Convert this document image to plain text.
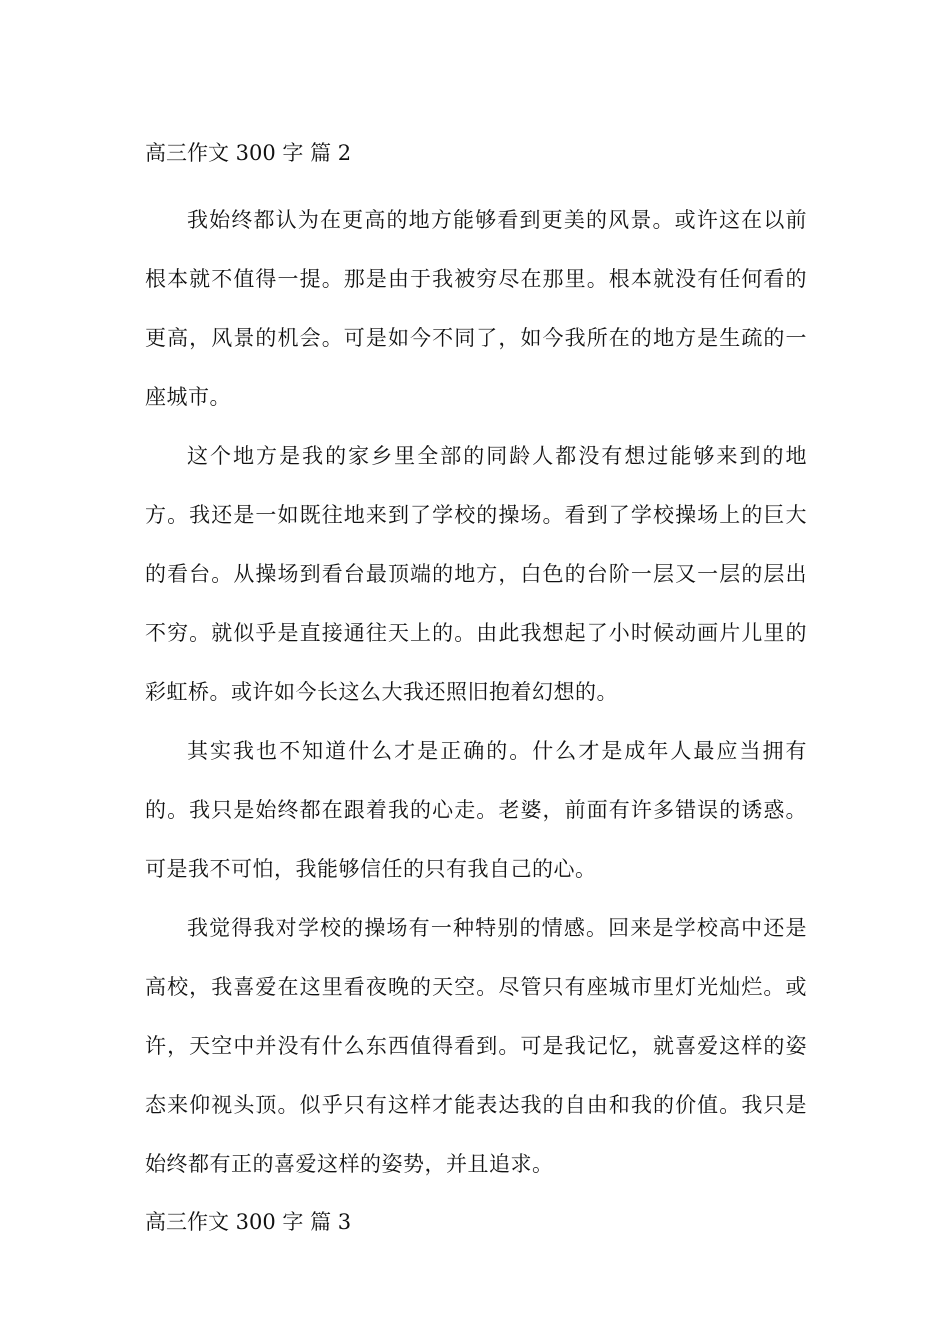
高三作文 300 字 篇 2

我始终都认为在更高的地方能够看到更美的风景。或许这在以前根本就不值得一提。那是由于我被穷尽在那里。根本就没有任何看的更高，风景的机会。可是如今不同了，如今我所在的地方是生疏的一座城市。

这个地方是我的家乡里全部的同龄人都没有想过能够来到的地方。我还是一如既往地来到了学校的操场。看到了学校操场上的巨大的看台。从操场到看台最顶端的地方，白色的台阶一层又一层的层出不穷。就似乎是直接通往天上的。由此我想起了小时候动画片儿里的彩虹桥。或许如今长这么大我还照旧抱着幻想的。

其实我也不知道什么才是正确的。什么才是成年人最应当拥有的。我只是始终都在跟着我的心走。老婆，前面有许多错误的诱惑。可是我不可怕，我能够信任的只有我自己的心。

我觉得我对学校的操场有一种特别的情感。回来是学校高中还是高校，我喜爱在这里看夜晚的天空。尽管只有座城市里灯光灿烂。或许，天空中并没有什么东西值得看到。可是我记忆，就喜爱这样的姿态来仰视头顶。似乎只有这样才能表达我的自由和我的价值。我只是始终都有正的喜爱这样的姿势，并且追求。

高三作文 300 字 篇 3
